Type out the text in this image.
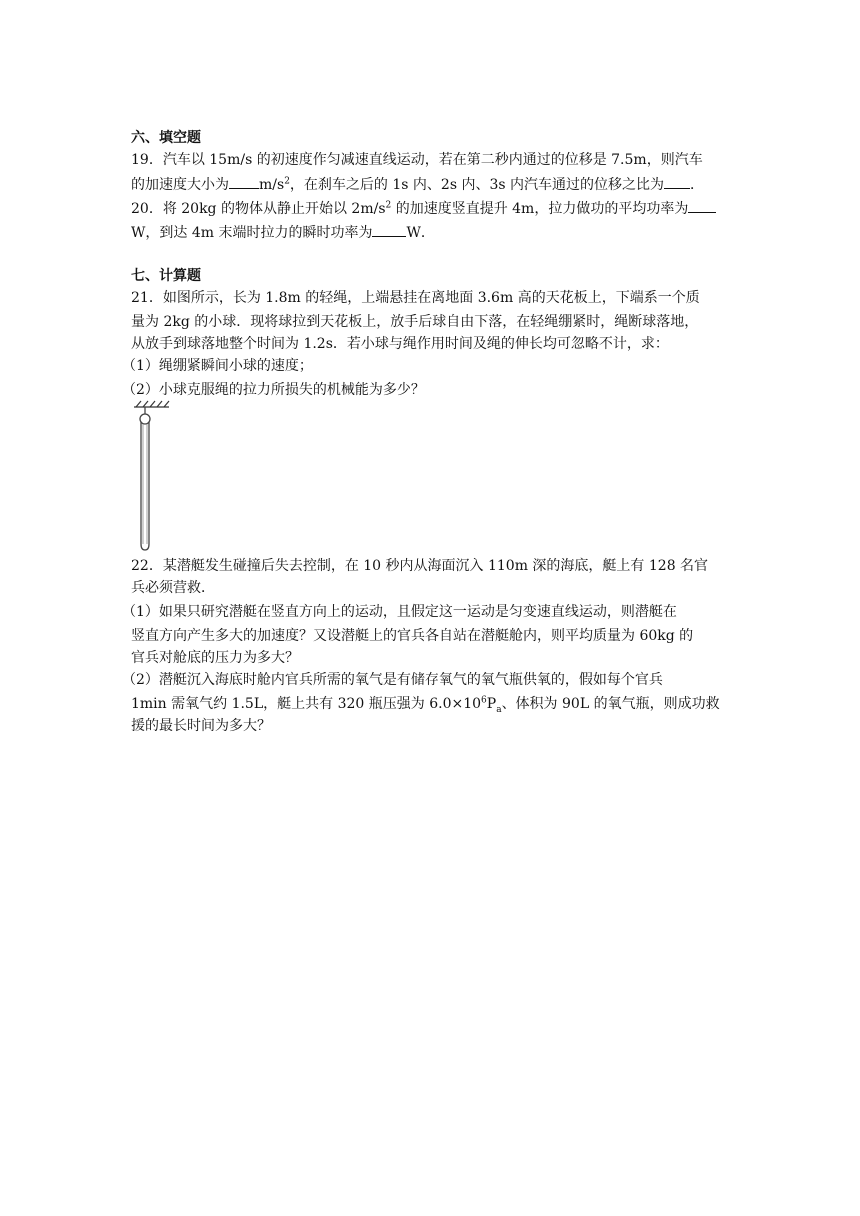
六、填空题
19．汽车以 15m/s 的初速度作匀减速直线运动，若在第二秒内通过的位移是 7.5m，则汽车
的加速度大小为 $m/s^2$，在刹车之后的 1s 内、2s 内、3s 内汽车通过的位移之比为 ．
20．将 20kg 的物体从静止开始以 $2m/s^2$ 的加速度竖直提升 4m，拉力做功的平均功率为
W，到达 4m 末端时拉力的瞬时功率为 W．
七、计算题
21．如图所示，长为 1.8m 的轻绳，上端悬挂在离地面 3.6m 高的天花板上，下端系一个质
量为 2kg 的小球．现将球拉到天花板上，放手后球自由下落，在轻绳绷紧时，绳断球落地，
从放手到球落地整个时间为 1.2s．若小球与绳作用时间及绳的伸长均可忽略不计，求：
（1）绳绷紧瞬间小球的速度；
（2）小球克服绳的拉力所损失的机械能为多少？
22．某潜艇发生碰撞后失去控制，在 10 秒内从海面沉入 110m 深的海底，艇上有 128 名官
兵必须营救．
（1）如果只研究潜艇在竖直方向上的运动，且假定这一运动是匀变速直线运动，则潜艇在
竖直方向产生多大的加速度？又设潜艇上的官兵各自站在潜艇舱内，则平均质量为 60kg 的
官兵对舱底的压力为多大？
（2）潜艇沉入海底时舱内官兵所需的氧气是有储存氧气的氧气瓶供氧的，假如每个官兵
1min 需氧气约 1.5L，艇上共有 320 瓶压强为 $6.0\times 10^6P_a$、体积为 90L 的氧气瓶，则成功救
援的最长时间为多大？
